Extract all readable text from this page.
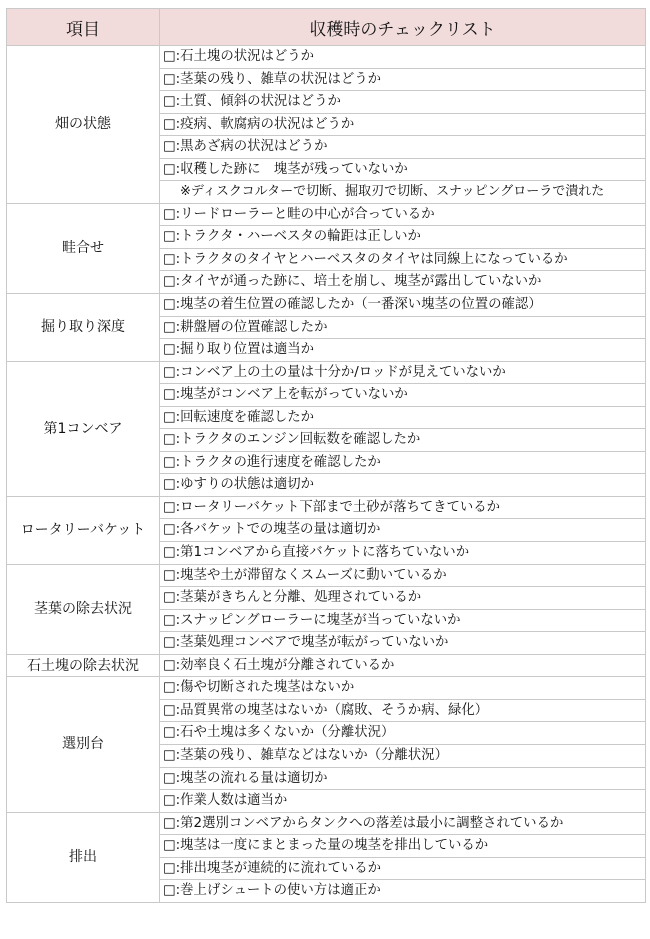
項目	収穫時のチェックリスト
畑の状態	□:石土塊の状況はどうか
	□:茎葉の残り、雑草の状況はどうか
	□:土質、傾斜の状況はどうか
	□:疫病、軟腐病の状況はどうか
	□:黒あざ病の状況はどうか
	□:収穫した跡に　塊茎が残っていないか
	※ディスクコルターで切断、掘取刃で切断、スナッピングローラで潰れた
畦合せ	□:リードローラーと畦の中心が合っているか
	□:トラクタ・ハーベスタの輪距は正しいか
	□:トラクタのタイヤとハーベスタのタイヤは同線上になっているか
	□:タイヤが通った跡に、培土を崩し、塊茎が露出していないか
掘り取り深度	□:塊茎の着生位置の確認したか（一番深い塊茎の位置の確認）
	□:耕盤層の位置確認したか
	□:掘り取り位置は適当か
第1コンベア	□:コンベア上の土の量は十分か/ロッドが見えていないか
	□:塊茎がコンベア上を転がっていないか
	□:回転速度を確認したか
	□:トラクタのエンジン回転数を確認したか
	□:トラクタの進行速度を確認したか
	□:ゆすりの状態は適切か
ロータリーバケット	□:ロータリーバケット下部まで土砂が落ちてきているか
	□:各バケットでの塊茎の量は適切か
	□:第1コンベアから直接バケットに落ちていないか
茎葉の除去状況	□:塊茎や土が滞留なくスムーズに動いているか
	□:茎葉がきちんと分離、処理されているか
	□:スナッピングローラーに塊茎が当っていないか
	□:茎葉処理コンベアで塊茎が転がっていないか
石土塊の除去状況	□:効率良く石土塊が分離されているか
選別台	□:傷や切断された塊茎はないか
	□:品質異常の塊茎はないか（腐敗、そうか病、緑化）
	□:石や土塊は多くないか（分離状況）
	□:茎葉の残り、雑草などはないか（分離状況）
	□:塊茎の流れる量は適切か
	□:作業人数は適当か
排出	□:第2選別コンベアからタンクへの落差は最小に調整されているか
	□:塊茎は一度にまとまった量の塊茎を排出しているか
	□:排出塊茎が連続的に流れているか
	□:巻上げシュートの使い方は適正か
